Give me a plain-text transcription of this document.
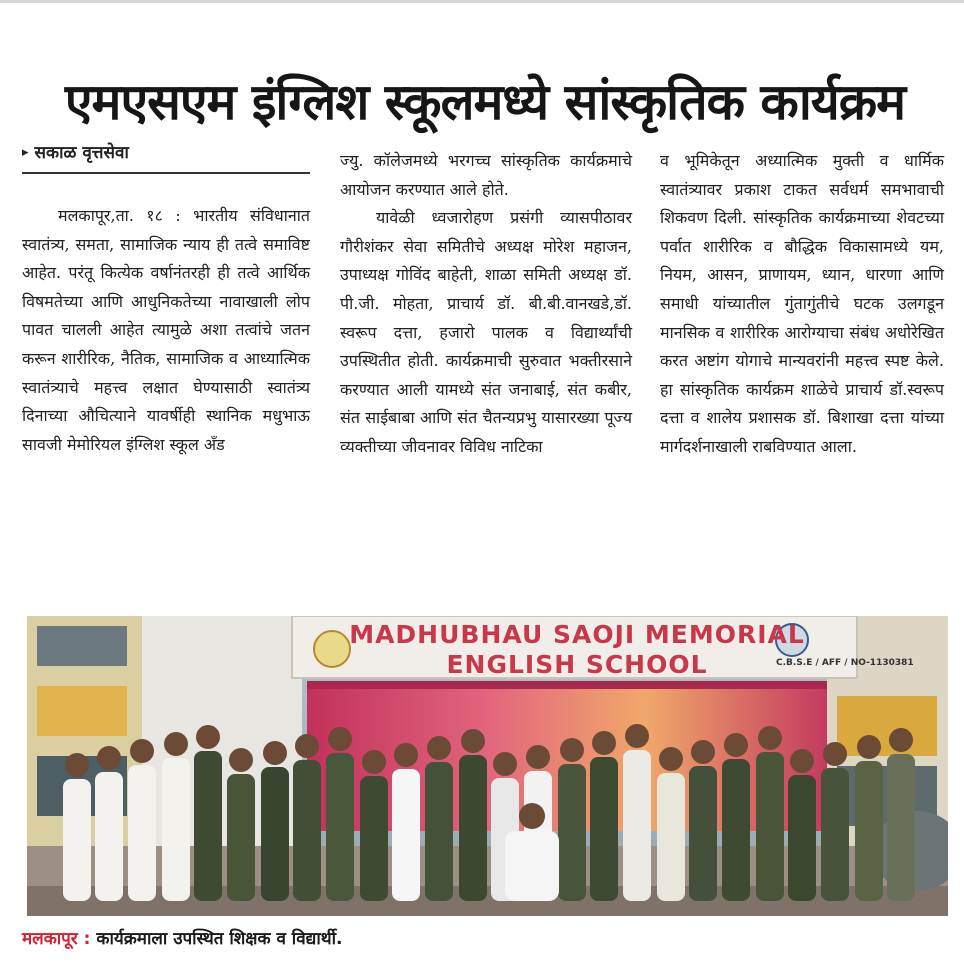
एमएसएम इंग्लिश स्कूलमध्ये सांस्कृतिक कार्यक्रम
▸ सकाळ वृत्तसेवा

मलकापूर,ता. १८ : भारतीय संविधानात स्वातंत्र्य, समता, सामाजिक न्याय ही तत्वे समाविष्ट आहेत. परंतू कित्येक वर्षानंतरही ही तत्वे आर्थिक विषमतेच्या आणि आधुनिकतेच्या नावाखाली लोप पावत चालली आहेत त्यामुळे अशा तत्वांचे जतन करून शारीरिक, नैतिक, सामाजिक व आध्यात्मिक स्वातंत्र्याचे महत्त्व लक्षात घेण्यासाठी स्वातंत्र्य दिनाच्या औचित्याने यावर्षीही स्थानिक मधुभाऊ सावजी मेमोरियल इंग्लिश स्कूल अँड

ज्यु. कॉलेजमध्ये भरगच्च सांस्कृतिक कार्यक्रमाचे आयोजन करण्यात आले होते.

यावेळी ध्वजारोहण प्रसंगी व्यासपीठावर गौरीशंकर सेवा समितीचे अध्यक्ष मोरेश महाजन, उपाध्यक्ष गोविंद बाहेती, शाळा समिती अध्यक्ष डॉ. पी.जी. मोहता, प्राचार्य डॉ. बी.बी.वानखडे,डॉ. स्वरूप दत्ता, हजारो पालक व विद्यार्थ्यांची उपस्थितीत होती. कार्यक्रमाची सुरुवात भक्तीरसाने करण्यात आली यामध्ये संत जनाबाई, संत कबीर, संत साईबाबा आणि संत चैतन्यप्रभु यासारख्या पूज्य व्यक्तीच्या जीवनावर विविध नाटिका

व भूमिकेतून अध्यात्मिक मुक्ती व धार्मिक स्वातंत्र्यावर प्रकाश टाकत सर्वधर्म समभावाची शिकवण दिली. सांस्कृतिक कार्यक्रमाच्या शेवटच्या पर्वात शारीरिक व बौद्धिक विकासामध्ये यम, नियम, आसन, प्राणायम, ध्यान, धारणा आणि समाधी यांच्यातील गुंतागुंतीचे घटक उलगडून मानसिक व शारीरिक आरोग्याचा संबंध अधोरेखित करत अष्टांग योगाचे मान्यवरांनी महत्त्व स्पष्ट केले. हा सांस्कृतिक कार्यक्रम शाळेचे प्राचार्य डॉ.स्वरूप दत्ता व शालेय प्रशासक डॉ. बिशाखा दत्ता यांच्या मार्गदर्शनाखाली राबविण्यात आला.

MADHUBHAU SAOJI MEMORIAL
ENGLISH SCHOOL	C.B.S.E / AFF / NO-1130381
मलकापूर : कार्यक्रमाला उपस्थित शिक्षक व विद्यार्थी.
